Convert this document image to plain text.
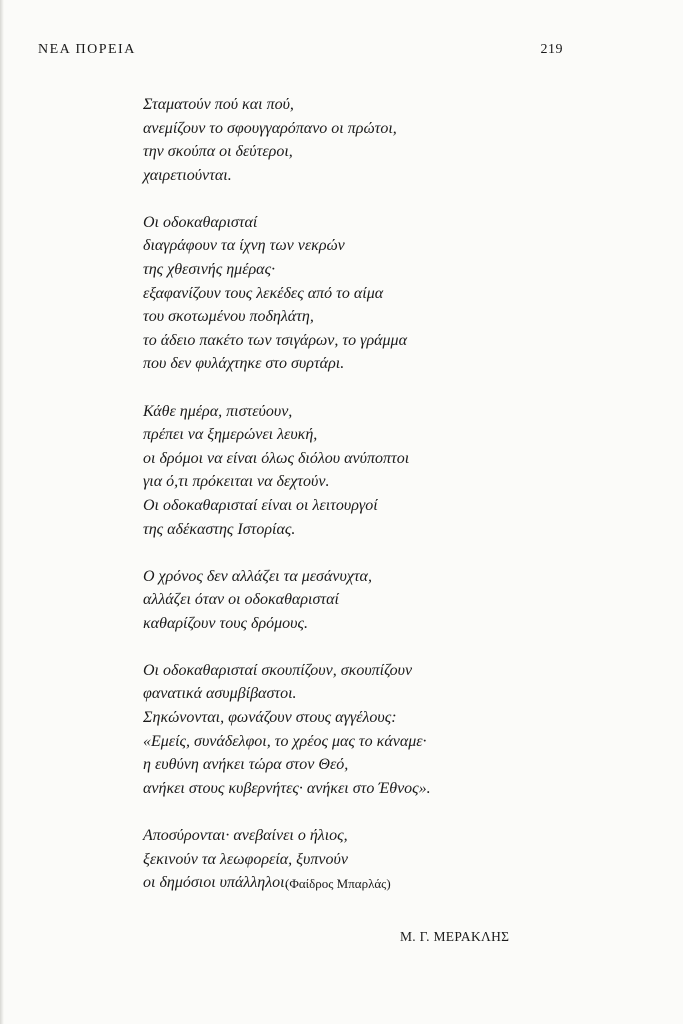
ΝΕΑ ΠΟΡΕΙΑ	219
Σταματούν πού και πού,
ανεμίζουν το σφουγγαρόπανο οι πρώτοι,
την σκούπα οι δεύτεροι,
χαιρετιούνται.
Οι οδοκαθαρισταί
διαγράφουν τα ίχνη των νεκρών
της χθεσινής ημέρας·
εξαφανίζουν τους λεκέδες από το αίμα
του σκοτωμένου ποδηλάτη,
το άδειο πακέτο των τσιγάρων, το γράμμα
που δεν φυλάχτηκε στο συρτάρι.
Κάθε ημέρα, πιστεύουν,
πρέπει να ξημερώνει λευκή,
οι δρόμοι να είναι όλως διόλου ανύποπτοι
για ό,τι πρόκειται να δεχτούν.
Οι οδοκαθαρισταί είναι οι λειτουργοί
της αδέκαστης Ιστορίας.
Ο χρόνος δεν αλλάζει τα μεσάνυχτα,
αλλάζει όταν οι οδοκαθαρισταί
καθαρίζουν τους δρόμους.
Οι οδοκαθαρισταί σκουπίζουν, σκουπίζουν
φανατικά ασυμβίβαστοι.
Σηκώνονται, φωνάζουν στους αγγέλους:
«Εμείς, συνάδελφοι, το χρέος μας το κάναμε·
η ευθύνη ανήκει τώρα στον Θεό,
ανήκει στους κυβερνήτες· ανήκει στο Έθνος».
Αποσύρονται· ανεβαίνει ο ήλιος,
ξεκινούν τα λεωφορεία, ξυπνούν
οι δημόσιοι υπάλληλοι.
(Φαίδρος Μπαρλάς)
Μ. Γ. ΜΕΡΑΚΛΗΣ
